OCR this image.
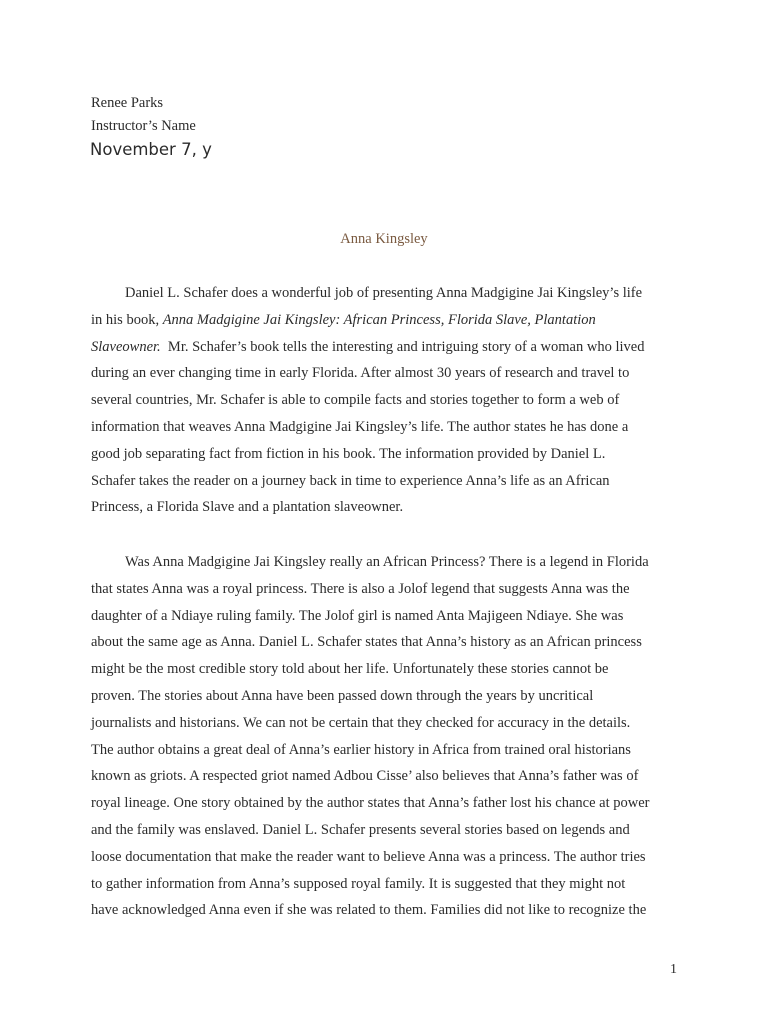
Renee Parks
Instructor’s Name
November 7, y
Anna Kingsley
Daniel L. Schafer does a wonderful job of presenting Anna Madgigine Jai Kingsley’s life
in his book, Anna Madgigine Jai Kingsley: African Princess, Florida Slave, Plantation
Slaveowner. Mr. Schafer’s book tells the interesting and intriguing story of a woman who lived
during an ever changing time in early Florida. After almost 30 years of research and travel to
several countries, Mr. Schafer is able to compile facts and stories together to form a web of
information that weaves Anna Madgigine Jai Kingsley’s life. The author states he has done a
good job separating fact from fiction in his book. The information provided by Daniel L.
Schafer takes the reader on a journey back in time to experience Anna’s life as an African
Princess, a Florida Slave and a plantation slaveowner.
Was Anna Madgigine Jai Kingsley really an African Princess? There is a legend in Florida
that states Anna was a royal princess. There is also a Jolof legend that suggests Anna was the
daughter of a Ndiaye ruling family. The Jolof girl is named Anta Majigeen Ndiaye. She was
about the same age as Anna. Daniel L. Schafer states that Anna’s history as an African princess
might be the most credible story told about her life. Unfortunately these stories cannot be
proven. The stories about Anna have been passed down through the years by uncritical
journalists and historians. We can not be certain that they checked for accuracy in the details.
The author obtains a great deal of Anna’s earlier history in Africa from trained oral historians
known as griots. A respected griot named Adbou Cisse’ also believes that Anna’s father was of
royal lineage. One story obtained by the author states that Anna’s father lost his chance at power
and the family was enslaved. Daniel L. Schafer presents several stories based on legends and
loose documentation that make the reader want to believe Anna was a princess. The author tries
to gather information from Anna’s supposed royal family. It is suggested that they might not
have acknowledged Anna even if she was related to them. Families did not like to recognize the
1
